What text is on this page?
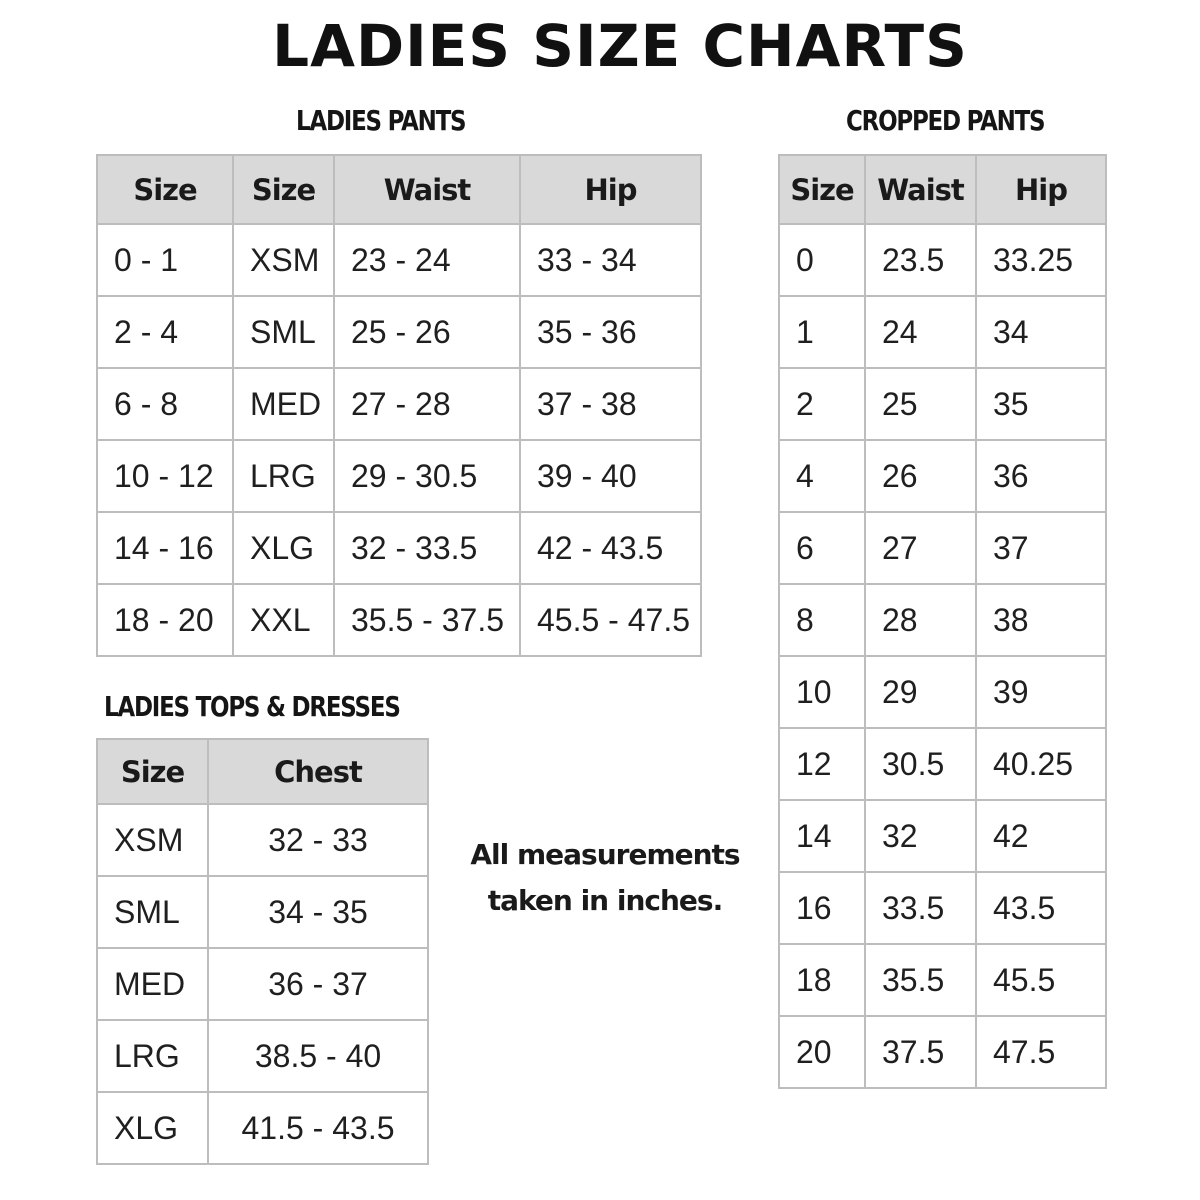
LADIES SIZE CHARTS
LADIES PANTS
Size	Size	Waist	Hip
0 - 1	XSM	23 - 24	33 - 34
2 - 4	SML	25 - 26	35 - 36
6 - 8	MED	27 - 28	37 - 38
10 - 12	LRG	29 - 30.5	39 - 40
14 - 16	XLG	32 - 33.5	42 - 43.5
18 - 20	XXL	35.5 - 37.5	45.5 - 47.5
LADIES TOPS & DRESSES
Size	Chest
XSM	32 - 33
SML	34 - 35
MED	36 - 37
LRG	38.5 - 40
XLG	41.5 - 43.5
All measurements
taken in inches.
CROPPED PANTS
Size	Waist	Hip
0	23.5	33.25
1	24	34
2	25	35
4	26	36
6	27	37
8	28	38
10	29	39
12	30.5	40.25
14	32	42
16	33.5	43.5
18	35.5	45.5
20	37.5	47.5
